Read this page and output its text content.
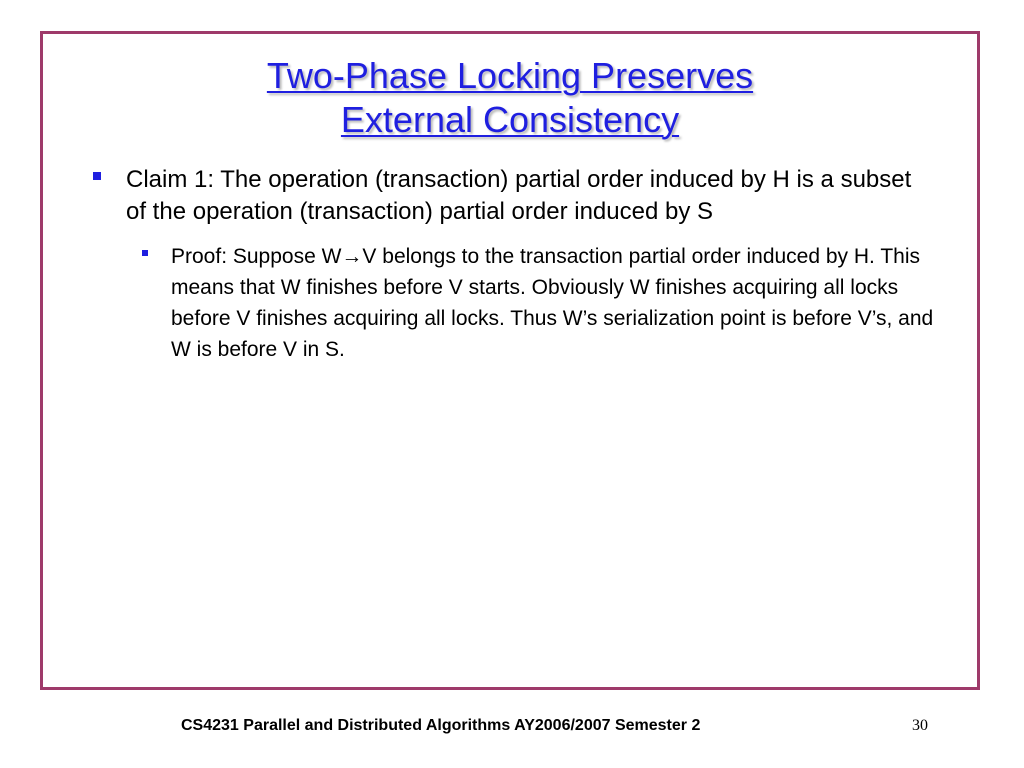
Two-Phase Locking Preserves
External Consistency
Claim 1: The operation (transaction) partial order induced by H is a subset of the operation (transaction) partial order induced by S
Proof: Suppose W→V belongs to the transaction partial order induced by H. This means that W finishes before V starts. Obviously W finishes acquiring all locks before V finishes acquiring all locks. Thus W’s serialization point is before V’s, and W is before V in S.
CS4231 Parallel and Distributed Algorithms AY2006/2007 Semester 2	30
